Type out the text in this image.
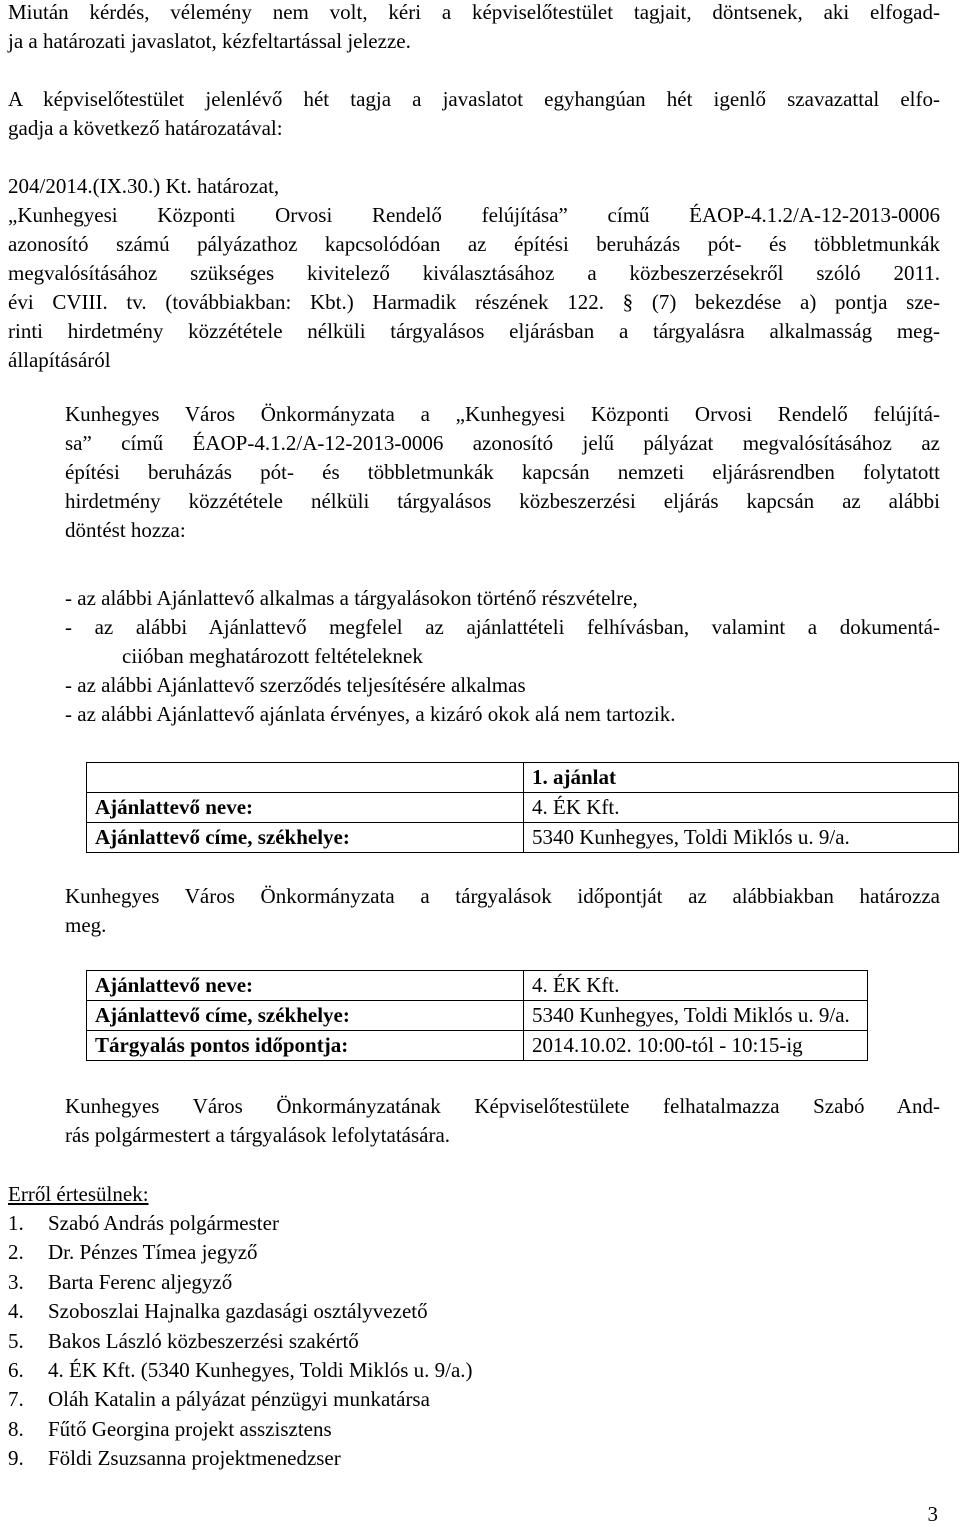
Miután kérdés, vélemény nem volt, kéri a képviselőtestület tagjait, döntsenek, aki elfogad-

ja a határozati javaslatot, kézfeltartással jelezze.

A képviselőtestület jelenlévő hét tagja a javaslatot egyhangúan hét igenlő szavazattal elfo-

gadja a következő határozatával:

204/2014.(IX.30.) Kt. határozat,

„Kunhegyesi Központi Orvosi Rendelő felújítása” című ÉAOP-4.1.2/A-12-2013-0006

azonosító számú pályázathoz kapcsolódóan az építési beruházás pót- és többletmunkák

megvalósításához szükséges kivitelező kiválasztásához a közbeszerzésekről szóló 2011.

évi CVIII. tv. (továbbiakban: Kbt.) Harmadik részének 122. § (7) bekezdése a) pontja sze-

rinti hirdetmény közzététele nélküli tárgyalásos eljárásban a tárgyalásra alkalmasság meg-

állapításáról

Kunhegyes Város Önkormányzata a „Kunhegyesi Központi Orvosi Rendelő felújítá-

sa” című ÉAOP-4.1.2/A-12-2013-0006 azonosító jelű pályázat megvalósításához az

építési beruházás pót- és többletmunkák kapcsán nemzeti eljárásrendben folytatott

hirdetmény közzététele nélküli tárgyalásos közbeszerzési eljárás kapcsán az alábbi

döntést hozza:

- az alábbi Ajánlattevő alkalmas a tárgyalásokon történő részvételre,

- az alábbi Ajánlattevő megfelel az ajánlattételi felhívásban, valamint a dokumentá-

ciióban meghatározott feltételeknek

- az alábbi Ajánlattevő szerződés teljesítésére alkalmas

- az alábbi Ajánlattevő ajánlata érvényes, a kizáró okok alá nem tartozik.

	1. ajánlat
Ajánlattevő neve:	4. ÉK Kft.
Ajánlattevő címe, székhelye:	5340 Kunhegyes, Toldi Miklós u. 9/a.

Kunhegyes Város Önkormányzata a tárgyalások időpontját az alábbiakban határozza

meg.

Ajánlattevő neve:	4. ÉK Kft.
Ajánlattevő címe, székhelye:	5340 Kunhegyes, Toldi Miklós u. 9/a.
Tárgyalás pontos időpontja:	2014.10.02. 10:00-tól - 10:15-ig

Kunhegyes Város Önkormányzatának Képviselőtestülete felhatalmazza Szabó And-

rás polgármestert a tárgyalások lefolytatására.

Erről értesülnek:

1. Szabó András polgármester
2. Dr. Pénzes Tímea jegyző
3. Barta Ferenc aljegyző
4. Szoboszlai Hajnalka gazdasági osztályvezető
5. Bakos László közbeszerzési szakértő
6. 4. ÉK Kft. (5340 Kunhegyes, Toldi Miklós u. 9/a.)
7. Oláh Katalin a pályázat pénzügyi munkatársa
8. Fűtő Georgina projekt asszisztens
9. Földi Zsuzsanna projektmenedzser
3
